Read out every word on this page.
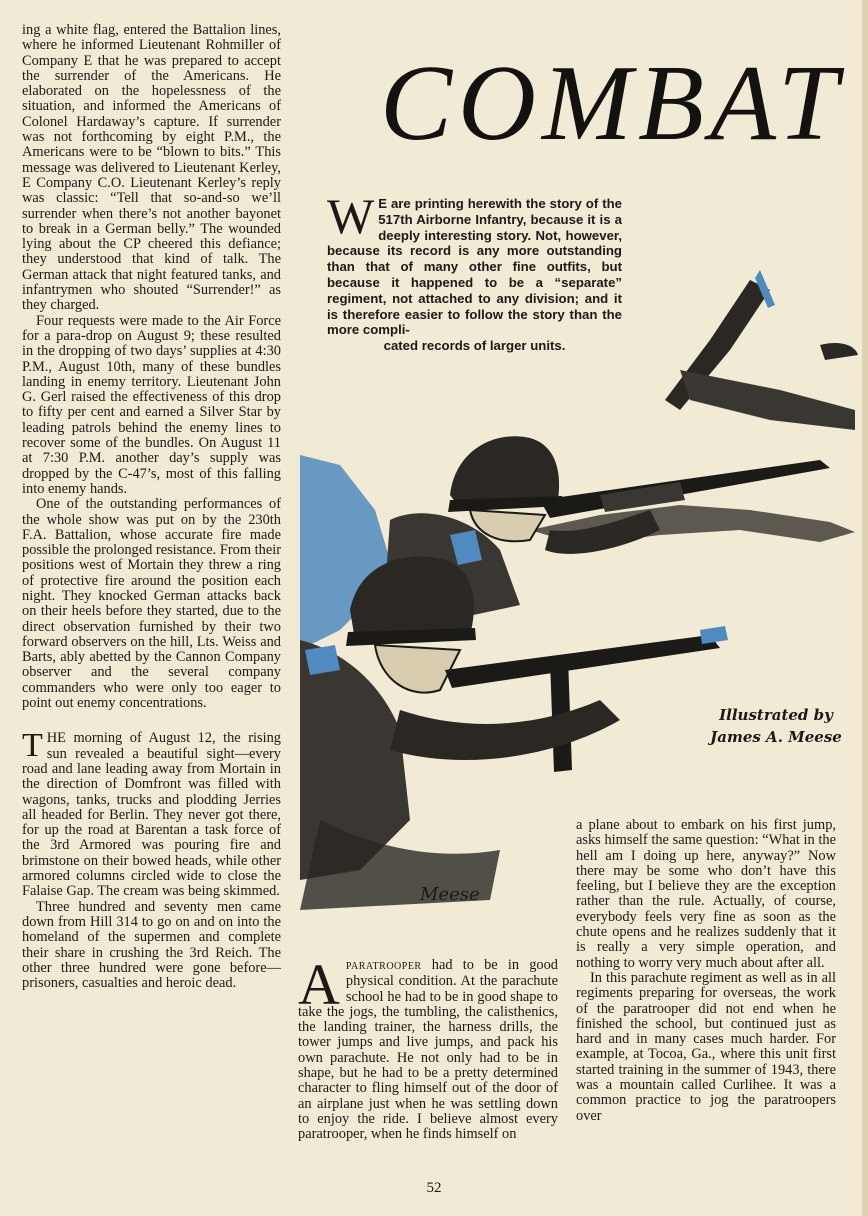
ing a white flag, entered the Battalion lines, where he informed Lieutenant Rohmiller of Company E that he was prepared to accept the surrender of the Americans. He elaborated on the hopelessness of the situation, and informed the Americans of Colonel Hardaway’s capture. If surrender was not forthcoming by eight P.M., the Americans were to be “blown to bits.” This message was delivered to Lieutenant Kerley, E Company C.O. Lieutenant Kerley’s reply was classic: “Tell that so-and-so we’ll surrender when there’s not another bayonet to break in a German belly.” The wounded lying about the CP cheered this defiance; they understood that kind of talk. The German attack that night featured tanks, and infantrymen who shouted “Surrender!” as they charged.

Four requests were made to the Air Force for a para-drop on August 9; these resulted in the dropping of two days’ supplies at 4:30 P.M., August 10th, many of these bundles landing in enemy territory. Lieutenant John G. Gerl raised the effectiveness of this drop to fifty per cent and earned a Silver Star by leading patrols behind the enemy lines to recover some of the bundles. On August 11 at 7:30 P.M. another day’s supply was dropped by the C-47’s, most of this falling into enemy hands.

One of the outstanding performances of the whole show was put on by the 230th F.A. Battalion, whose accurate fire made possible the prolonged resistance. From their positions west of Mortain they threw a ring of protective fire around the position each night. They knocked German attacks back on their heels before they started, due to the direct observation furnished by their two forward observers on the hill, Lts. Weiss and Barts, ably abetted by the Cannon Company observer and the several company commanders who were only too eager to point out enemy concentrations.

THE morning of August 12, the rising sun revealed a beautiful sight—every road and lane leading away from Mortain in the direction of Domfront was filled with wagons, tanks, trucks and plodding Jerries all headed for Berlin. They never got there, for up the road at Barentan a task force of the 3rd Armored was pouring fire and brimstone on their bowed heads, while other armored columns circled wide to close the Falaise Gap. The cream was being skimmed.

Three hundred and seventy men came down from Hill 314 to go on and on into the homeland of the supermen and complete their share in crushing the 3rd Reich. The other three hundred were gone before—prisoners, casualties and heroic dead.

COMBAT
W E are printing herewith the story of the 517th Airborne Infantry, because it is a deeply interesting story. Not, however, because its record is any more outstanding than that of many other fine outfits, but because it happened to be a “separate” regiment, not attached to any division; and it is therefore easier to follow the story than the more compli-
cated records of larger units.
Meese
Illustrated by
James A. Meese

APARATROOPER had to be in good physical condition. At the parachute school he had to be in good shape to take the jogs, the tumbling, the calisthenics, the landing trainer, the harness drills, the tower jumps and live jumps, and pack his own parachute. He not only had to be in shape, but he had to be a pretty determined character to fling himself out of the door of an airplane just when he was settling down to enjoy the ride. I believe almost every paratrooper, when he finds himself on

a plane about to embark on his first jump, asks himself the same question: “What in the hell am I doing up here, anyway?” Now there may be some who don’t have this feeling, but I believe they are the exception rather than the rule. Actually, of course, everybody feels very fine as soon as the chute opens and he realizes suddenly that it is really a very simple operation, and nothing to worry very much about after all.

In this parachute regiment as well as in all regiments preparing for overseas, the work of the paratrooper did not end when he finished the school, but continued just as hard and in many cases much harder. For example, at Tocoa, Ga., where this unit first started training in the summer of 1943, there was a mountain called Curlihee. It was a common practice to jog the paratroopers over

52
